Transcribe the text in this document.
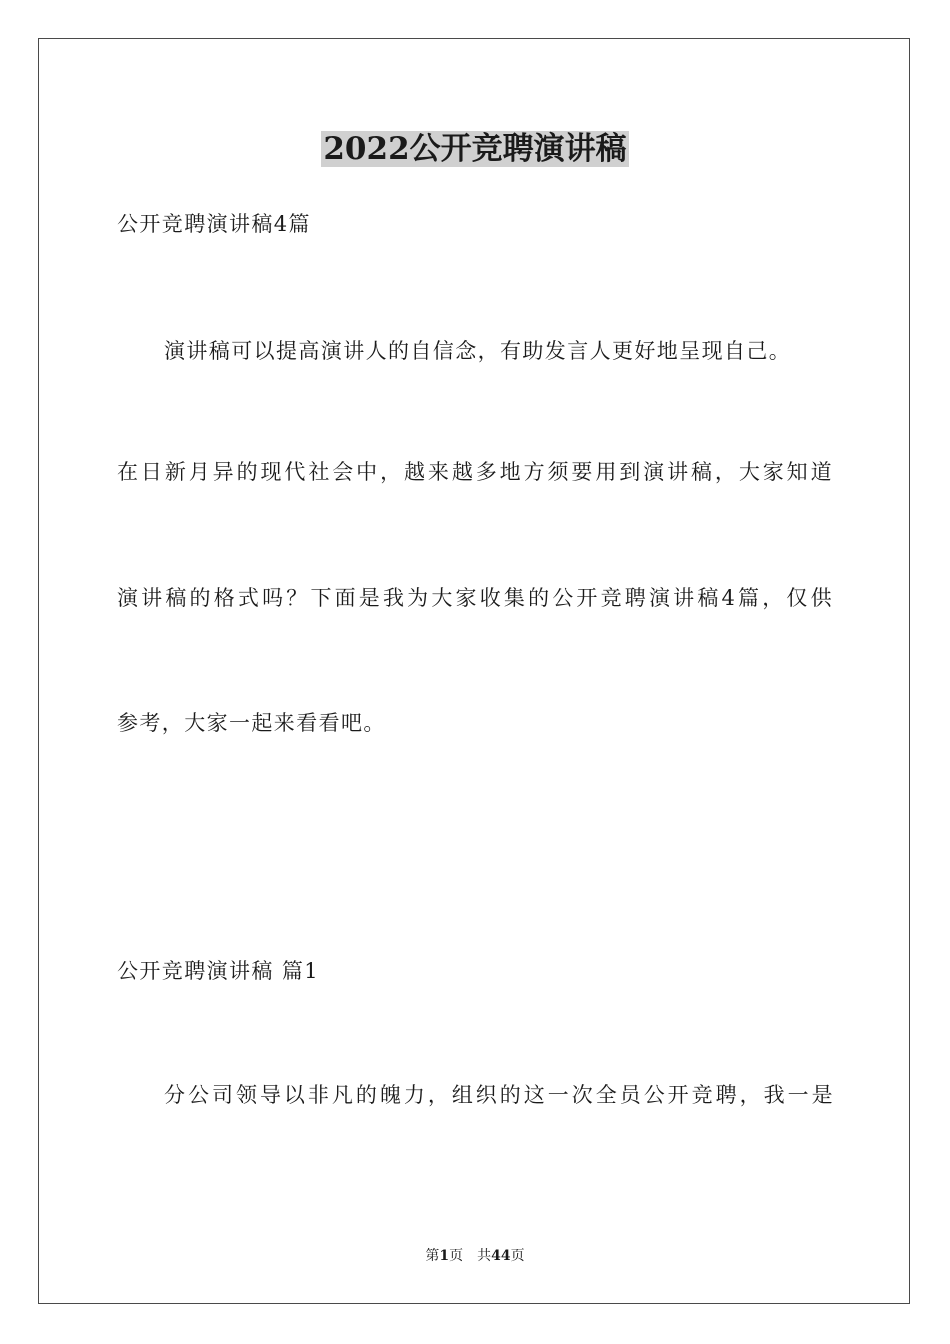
2022公开竞聘演讲稿

公开竞聘演讲稿4篇

演讲稿可以提高演讲人的自信念，有助发言人更好地呈现自己。

在日新月异的现代社会中，越来越多地方须要用到演讲稿，大家知道

演讲稿的格式吗？下面是我为大家收集的公开竞聘演讲稿4篇，仅供

参考，大家一起来看看吧。

公开竞聘演讲稿 篇1

分公司领导以非凡的魄力，组织的这一次全员公开竞聘，我一是

第1页 共44页
